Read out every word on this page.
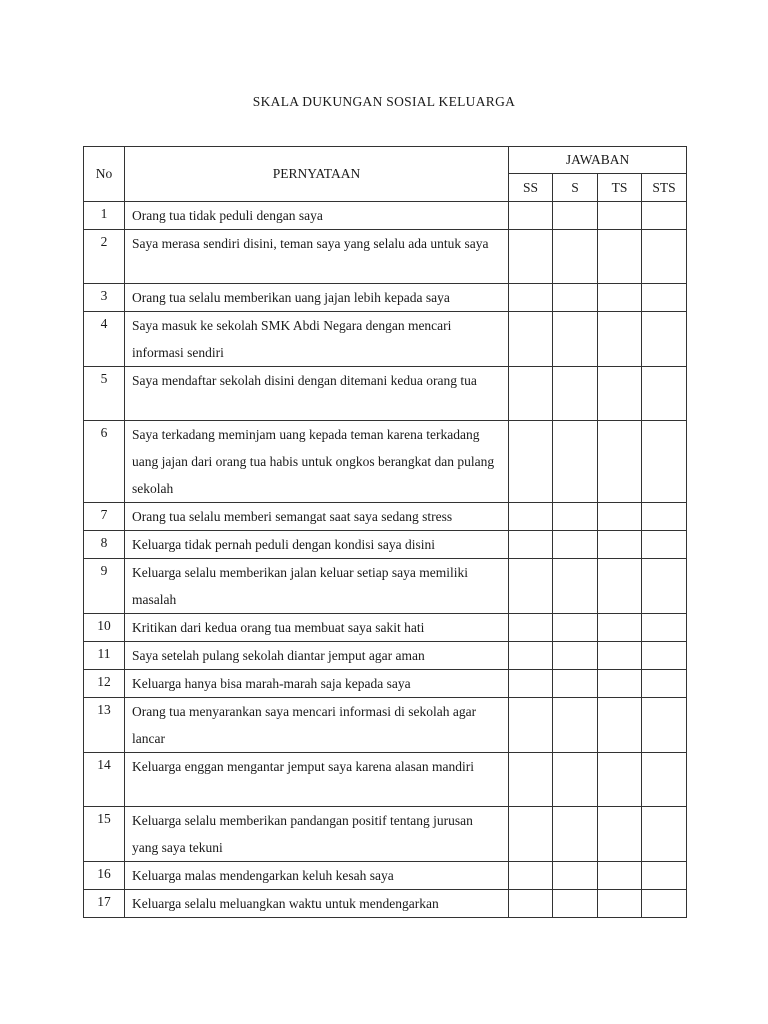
SKALA DUKUNGAN SOSIAL KELUARGA
No	PERNYATAAN	JAWABAN			
		SS	S	TS	STS
1	Orang tua tidak peduli dengan saya				

2	Saya merasa sendiri disini, teman saya yang selalu ada untuk saya				

3	Orang tua selalu memberikan uang jajan lebih kepada saya				

4	Saya masuk ke sekolah SMK Abdi Negara dengan mencari informasi sendiri				

5	Saya mendaftar sekolah disini dengan ditemani kedua orang tua				

6	Saya terkadang meminjam uang kepada teman karena terkadang uang jajan dari orang tua habis untuk ongkos berangkat dan pulang sekolah				

7	Orang tua selalu memberi semangat saat saya sedang stress				

8	Keluarga tidak pernah peduli dengan kondisi saya disini				

9	Keluarga selalu memberikan jalan keluar setiap saya memiliki masalah				

10	Kritikan dari kedua orang tua membuat saya sakit hati				

11	Saya setelah pulang sekolah diantar jemput agar aman				

12	Keluarga hanya bisa marah-marah saja kepada saya				

13	Orang tua menyarankan saya mencari informasi di sekolah agar lancar				

14	Keluarga enggan mengantar jemput saya karena alasan mandiri				

15	Keluarga selalu memberikan pandangan positif tentang jurusan yang saya tekuni				

16	Keluarga malas mendengarkan keluh kesah saya				

17	Keluarga selalu meluangkan waktu untuk mendengarkan				
